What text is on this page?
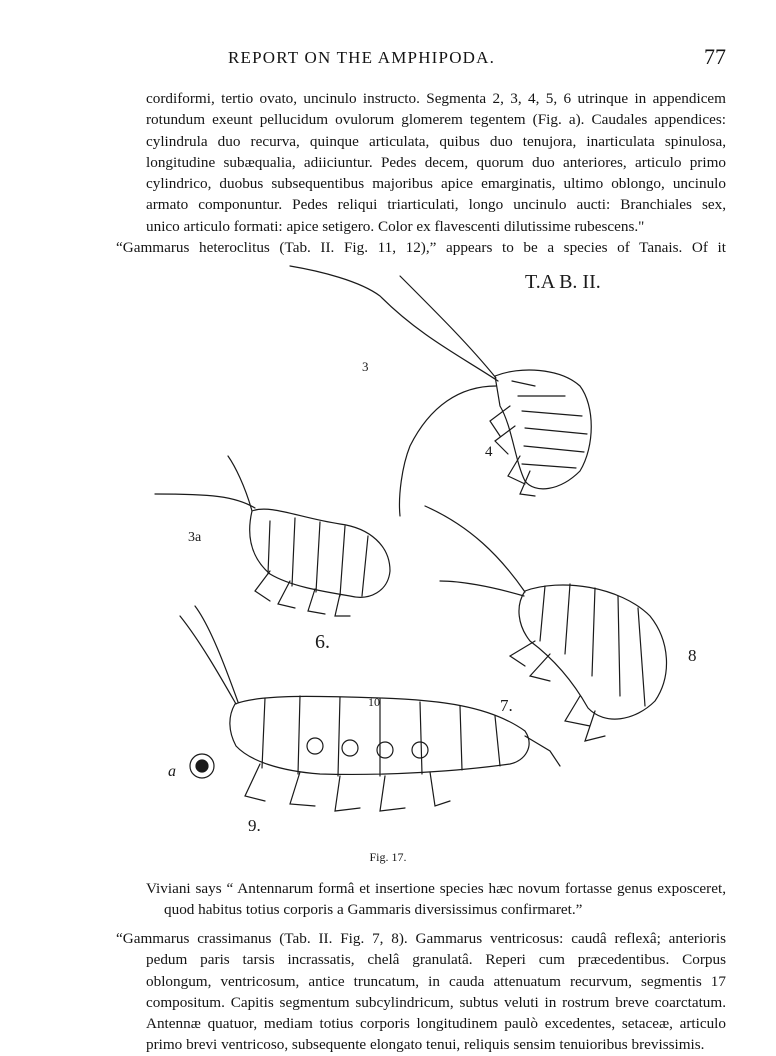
REPORT ON THE AMPHIPODA.	77

cordiformi, tertio ovato, uncinulo instructo. Segmenta 2, 3, 4, 5, 6 utrinque in appendicem

rotundum exeunt pellucidum ovulorum glomerem tegentem (Fig. a). Caudales appendices:

cylindrula duo recurva, quinque articulata, quibus duo tenujora, inarticulata spinulosa,

longitudine subæqualia, adiiciuntur. Pedes decem, quorum duo anteriores, articulo primo

cylindrico, duobus subsequentibus majoribus apice emarginatis, ultimo oblongo, uncinulo

armato componuntur. Pedes reliqui triarticulati, longo uncinulo aucti: Branchiales sex,

unico articulo formati: apice setigero. Color ex flavescenti dilutissime rubescens."

“Gammarus heteroclitus (Tab. II. Fig. 11, 12),” appears to be a species of Tanais. Of it

T.A B. II.
3
4
3a
6.
8
10	7.
a
9.
Fig. 17.

Viviani says “ Antennarum formâ et insertione species hæc novum fortasse genus exposceret,

quod habitus totius corporis a Gammaris diversissimus confirmaret.”

“Gammarus crassimanus (Tab. II. Fig. 7, 8). Gammarus ventricosus: caudâ reflexâ; anterioris

pedum paris tarsis incrassatis, chelâ granulatâ. Reperi cum præcedentibus. Corpus

oblongum, ventricosum, antice truncatum, in cauda attenuatum recurvum, segmentis 17

compositum. Capitis segmentum subcylindricum, subtus veluti in rostrum breve coarctatum.

Antennæ quatuor, mediam totius corporis longitudinem paulò excedentes, setaceæ, articulo

primo brevi ventricoso, subsequente elongato tenui, reliquis sensim tenuioribus brevissimis.
